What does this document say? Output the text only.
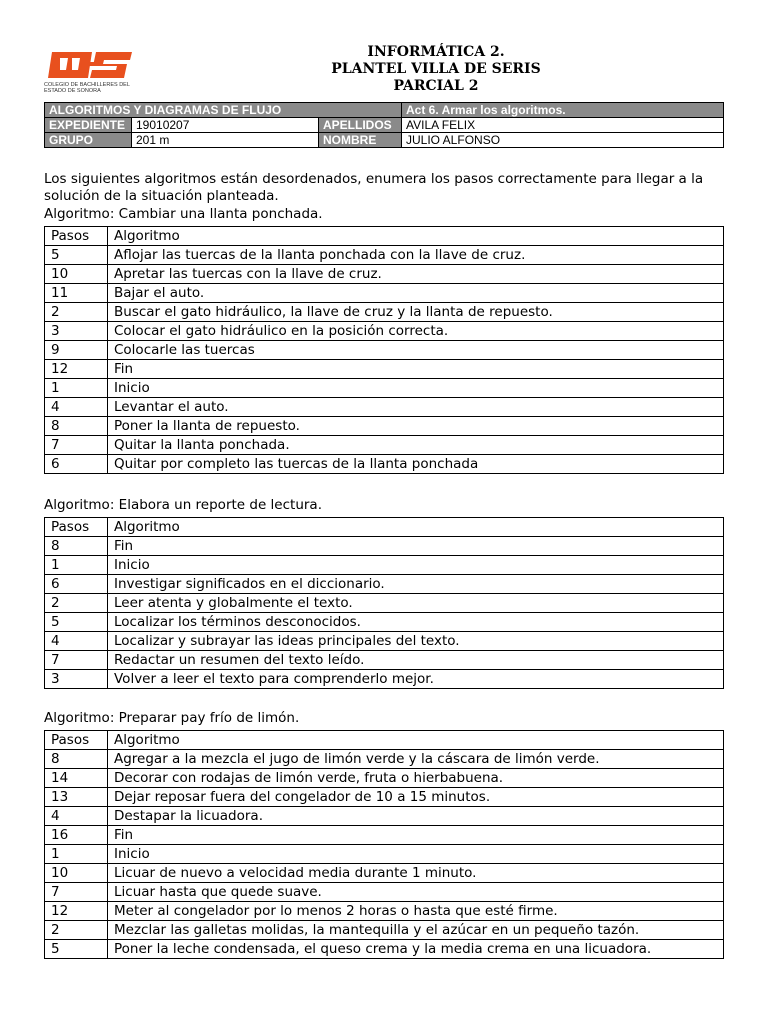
COLEGIO DE BACHILLERES DEL ESTADO DE SONORA
INFORMÁTICA 2.
PLANTEL VILLA DE SERIS
PARCIAL 2
ALGORITMOS Y DIAGRAMAS DE FLUJO			Act 6. Armar los algoritmos.
EXPEDIENTE	19010207	APELLIDOS	AVILA FELIX
GRUPO	201 m	NOMBRE	JULIO ALFONSO
Los siguientes algoritmos están desordenados, enumera los pasos correctamente para llegar a la solución de la situación planteada.
Algoritmo: Cambiar una llanta ponchada.
Pasos	Algoritmo
5	Aflojar las tuercas de la llanta ponchada con la llave de cruz.
10	Apretar las tuercas con la llave de cruz.
11	Bajar el auto.
2	Buscar el gato hidráulico, la llave de cruz y la llanta de repuesto.
3	Colocar el gato hidráulico en la posición correcta.
9	Colocarle las tuercas
12	Fin
1	Inicio
4	Levantar el auto.
8	Poner la llanta de repuesto.
7	Quitar la llanta ponchada.
6	Quitar por completo las tuercas de la llanta ponchada
Algoritmo: Elabora un reporte de lectura.
Pasos	Algoritmo
8	Fin
1	Inicio
6	Investigar significados en el diccionario.
2	Leer atenta y globalmente el texto.
5	Localizar los términos desconocidos.
4	Localizar y subrayar las ideas principales del texto.
7	Redactar un resumen del texto leído.
3	Volver a leer el texto para comprenderlo mejor.
Algoritmo: Preparar pay frío de limón.
Pasos	Algoritmo
8	Agregar a la mezcla el jugo de limón verde y la cáscara de limón verde.
14	Decorar con rodajas de limón verde, fruta o hierbabuena.
13	Dejar reposar fuera del congelador de 10 a 15 minutos.
4	Destapar la licuadora.
16	Fin
1	Inicio
10	Licuar de nuevo a velocidad media durante 1 minuto.
7	Licuar hasta que quede suave.
12	Meter al congelador por lo menos 2 horas o hasta que esté firme.
2	Mezclar las galletas molidas, la mantequilla y el azúcar en un pequeño tazón.
5	Poner la leche condensada, el queso crema y la media crema en una licuadora.
